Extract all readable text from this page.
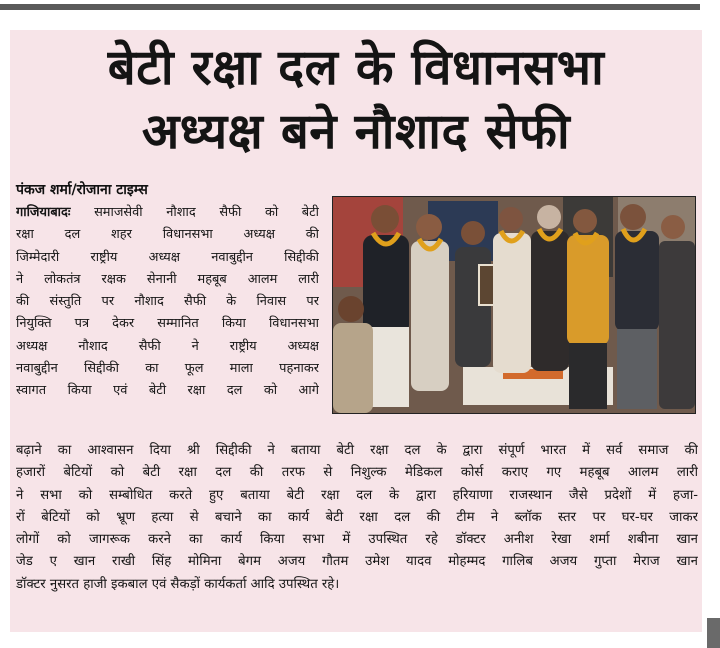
बेटी रक्षा दल के विधानसभा
अध्यक्ष बने नौशाद सेफी
पंकज शर्मा/रोजाना टाइम्स
गाजियाबादः समाजसेवी नौशाद सैफी को बेटी
रक्षा दल शहर विधानसभा अध्यक्ष की
जिम्मेदारी राष्ट्रीय अध्यक्ष नवाबुद्दीन सिद्दीकी
ने लोकतंत्र रक्षक सेनानी महबूब आलम लारी
की संस्तुति पर नौशाद सैफी के निवास पर
नियुक्ति पत्र देकर सम्मानित किया विधानसभा
अध्यक्ष नौशाद सैफी ने राष्ट्रीय अध्यक्ष
नवाबुद्दीन सिद्दीकी का फूल माला पहनाकर
स्वागत किया एवं बेटी रक्षा दल को आगे
बढ़ाने का आश्वासन दिया श्री सिद्दीकी ने बताया बेटी रक्षा दल के द्वारा संपूर्ण भारत में सर्व समाज की
हजारों बेटियों को बेटी रक्षा दल की तरफ से निशुल्क मेडिकल कोर्स कराए गए महबूब आलम लारी
ने सभा को सम्बोधित करते हुए बताया बेटी रक्षा दल के द्वारा हरियाणा राजस्थान जैसे प्रदेशों में हजा-
रों बेटियों को भ्रूण हत्या से बचाने का कार्य बेटी रक्षा दल की टीम ने ब्लॉक स्तर पर घर-घर जाकर
लोगों को जागरूक करने का कार्य किया सभा में उपस्थित रहे डॉक्टर अनीश रेखा शर्मा शबीना खान
जेड ए खान राखी सिंह मोमिना बेगम अजय गौतम उमेश यादव मोहम्मद गालिब अजय गुप्ता मेराज खान
डॉक्टर नुसरत हाजी इकबाल एवं सैकड़ों कार्यकर्ता आदि उपस्थित रहे।
